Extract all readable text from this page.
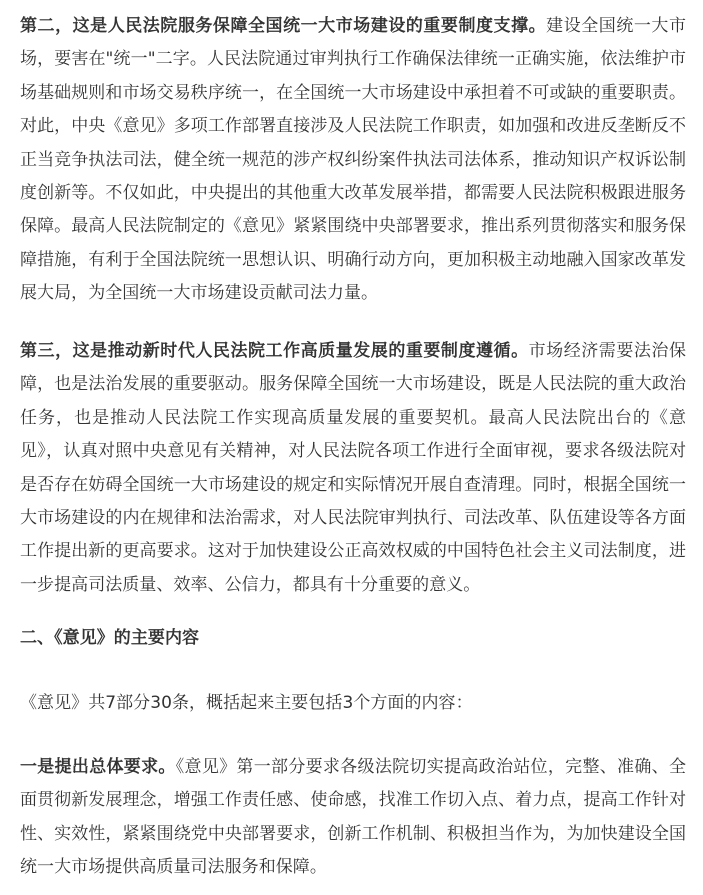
第二，这是人民法院服务保障全国统一大市场建设的重要制度支撑。建设全国统一大市场，要害在"统一"二字。人民法院通过审判执行工作确保法律统一正确实施，依法维护市场基础规则和市场交易秩序统一，在全国统一大市场建设中承担着不可或缺的重要职责。对此，中央《意见》多项工作部署直接涉及人民法院工作职责，如加强和改进反垄断反不正当竞争执法司法，健全统一规范的涉产权纠纷案件执法司法体系，推动知识产权诉讼制度创新等。不仅如此，中央提出的其他重大改革发展举措，都需要人民法院积极跟进服务保障。最高人民法院制定的《意见》紧紧围绕中央部署要求，推出系列贯彻落实和服务保障措施，有利于全国法院统一思想认识、明确行动方向，更加积极主动地融入国家改革发展大局，为全国统一大市场建设贡献司法力量。

第三，这是推动新时代人民法院工作高质量发展的重要制度遵循。市场经济需要法治保障，也是法治发展的重要驱动。服务保障全国统一大市场建设，既是人民法院的重大政治任务，也是推动人民法院工作实现高质量发展的重要契机。最高人民法院出台的《意见》，认真对照中央意见有关精神，对人民法院各项工作进行全面审视，要求各级法院对是否存在妨碍全国统一大市场建设的规定和实际情况开展自查清理。同时，根据全国统一大市场建设的内在规律和法治需求，对人民法院审判执行、司法改革、队伍建设等各方面工作提出新的更高要求。这对于加快建设公正高效权威的中国特色社会主义司法制度，进一步提高司法质量、效率、公信力，都具有十分重要的意义。

二、《意见》的主要内容

《意见》共7部分30条，概括起来主要包括3个方面的内容：

一是提出总体要求。《意见》第一部分要求各级法院切实提高政治站位，完整、准确、全面贯彻新发展理念，增强工作责任感、使命感，找准工作切入点、着力点，提高工作针对性、实效性，紧紧围绕党中央部署要求，创新工作机制、积极担当作为，为加快建设全国统一大市场提供高质量司法服务和保障。
